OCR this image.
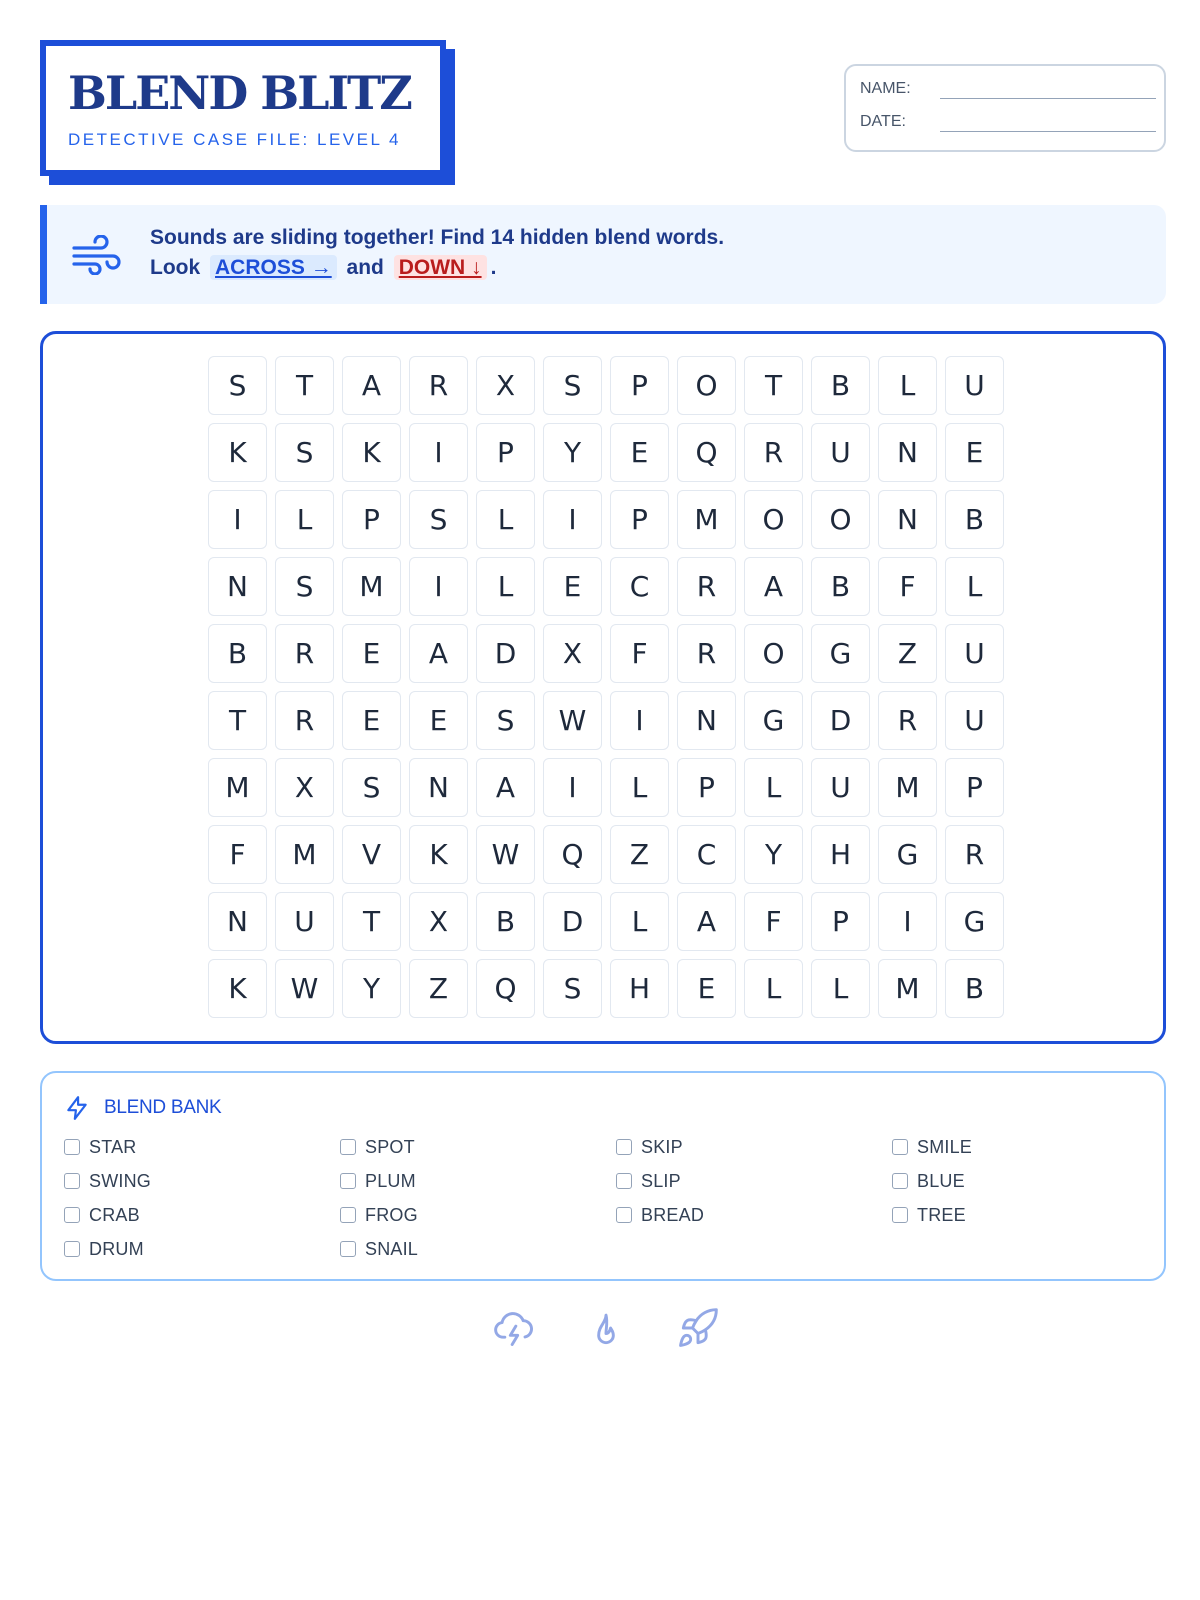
BLEND BLITZ
DETECTIVE CASE FILE: LEVEL 4
NAME:
DATE:
Sounds are sliding together! Find 14 hidden blend words.
Look ACROSS → and DOWN ↓ .
S	T	A	R	X	S	P	O	T	B	L	U
K	S	K	I	P	Y	E	Q	R	U	N	E
I	L	P	S	L	I	P	M	O	O	N	B
N	S	M	I	L	E	C	R	A	B	F	L
B	R	E	A	D	X	F	R	O	G	Z	U
T	R	E	E	S	W	I	N	G	D	R	U
M	X	S	N	A	I	L	P	L	U	M	P
F	M	V	K	W	Q	Z	C	Y	H	G	R
N	U	T	X	B	D	L	A	F	P	I	G
K	W	Y	Z	Q	S	H	E	L	L	M	B
BLEND BANK
STAR
SWING
CRAB
DRUM
SPOT
PLUM
FROG
SNAIL
SKIP
SLIP
BREAD
SMILE
BLUE
TREE
